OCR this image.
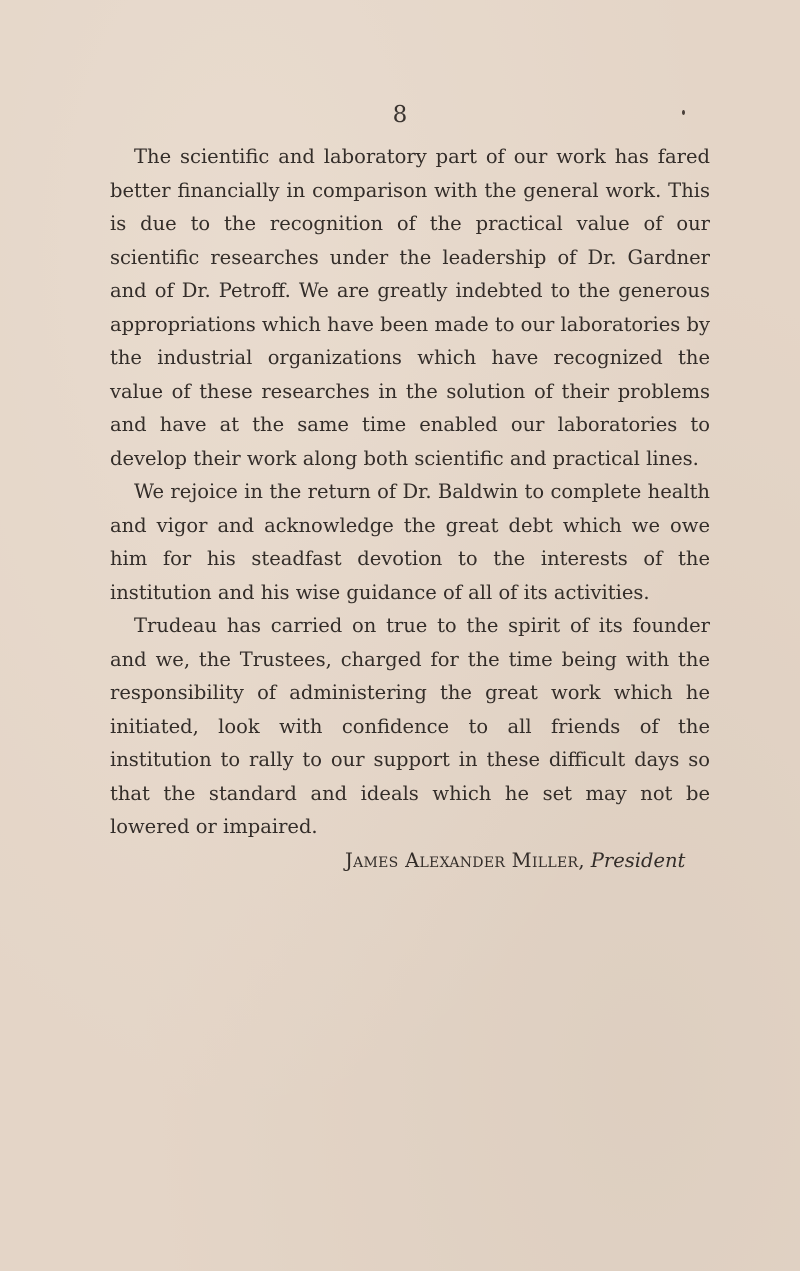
8

The scientific and laboratory part of our work has fared better financially in comparison with the general work. This is due to the recognition of the practical value of our scientific researches under the leadership of Dr. Gardner and of Dr. Petroff. We are greatly indebted to the generous appropriations which have been made to our laboratories by the industrial organizations which have recognized the value of these researches in the solution of their problems and have at the same time enabled our laboratories to develop their work along both scientific and practical lines.

We rejoice in the return of Dr. Baldwin to complete health and vigor and acknowledge the great debt which we owe him for his steadfast devotion to the interests of the institution and his wise guidance of all of its activities.

Trudeau has carried on true to the spirit of its founder and we, the Trustees, charged for the time being with the responsibility of administering the great work which he initiated, look with confidence to all friends of the institution to rally to our support in these difficult days so that the standard and ideals which he set may not be lowered or impaired.

James Alexander Miller, President
